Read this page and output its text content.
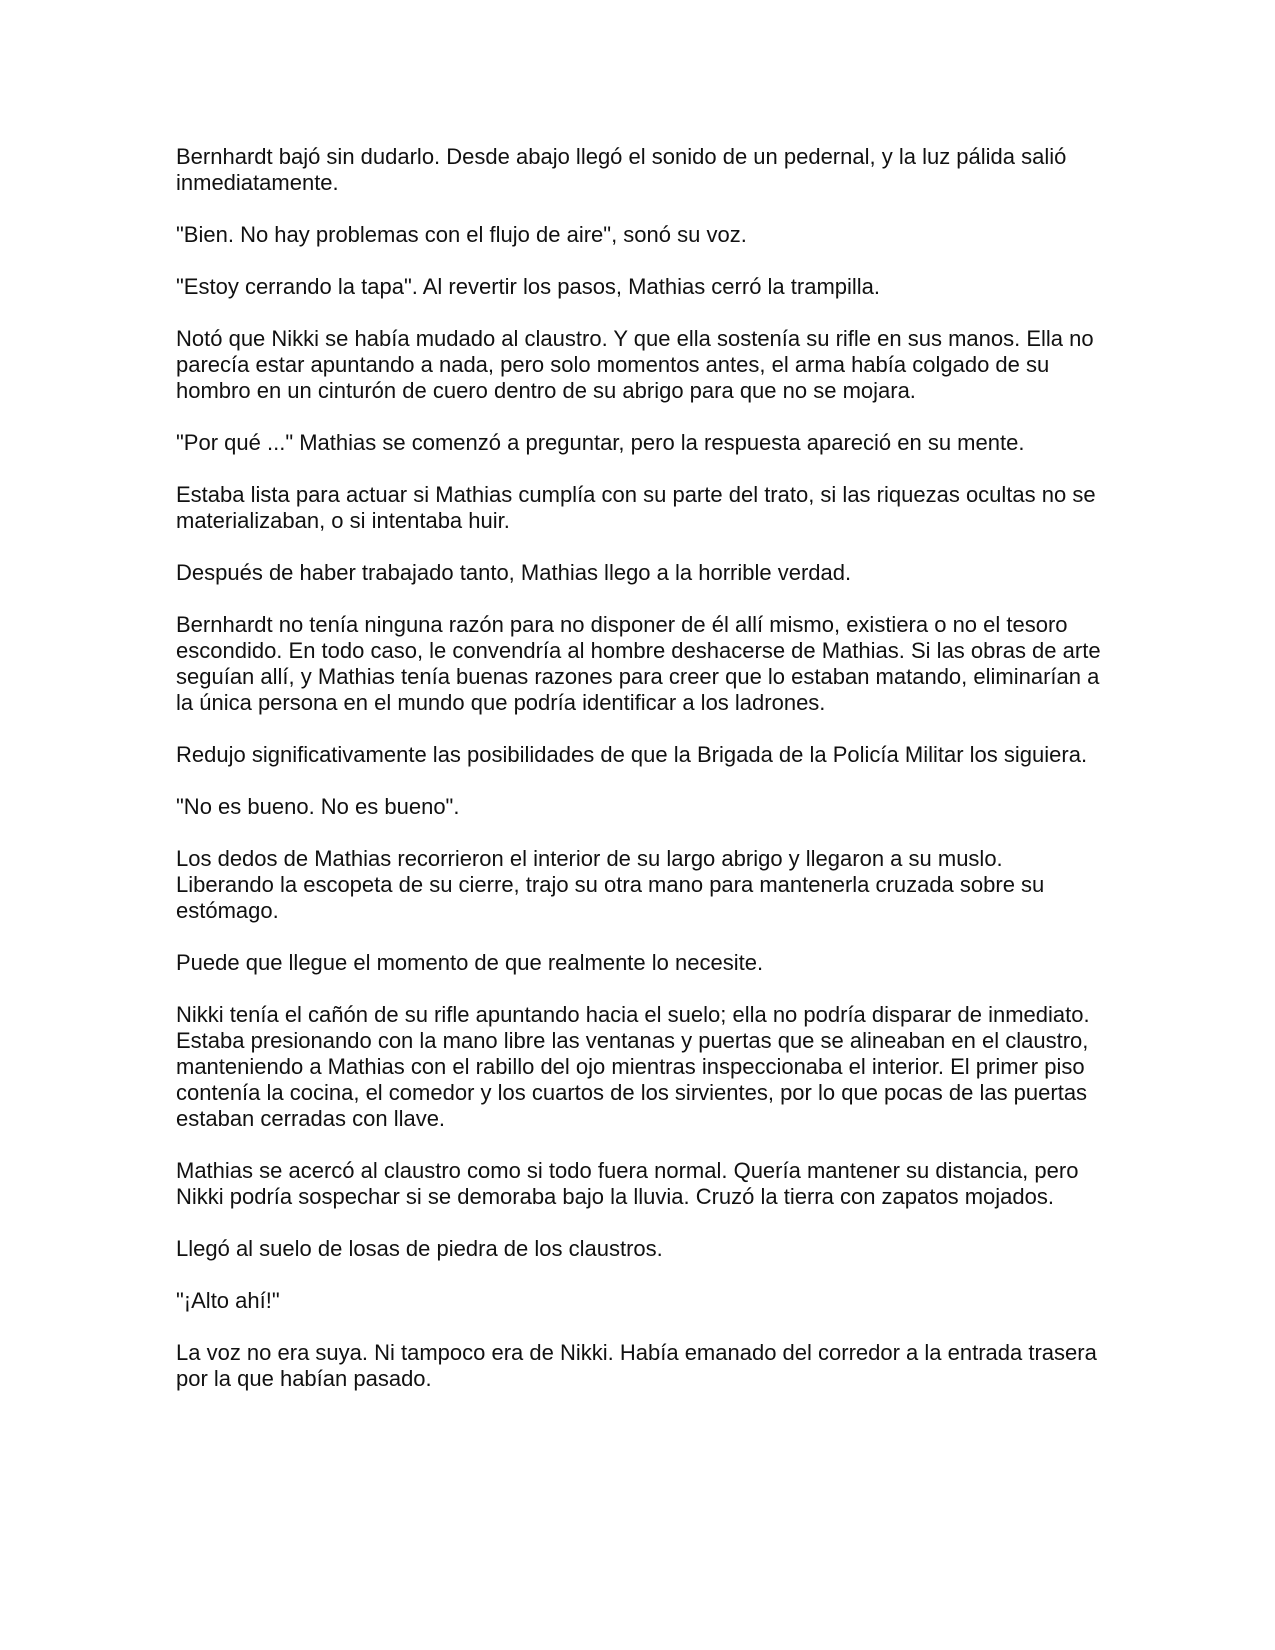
Bernhardt bajó sin dudarlo. Desde abajo llegó el sonido de un pedernal, y la luz pálida salió inmediatamente.

"Bien. No hay problemas con el flujo de aire", sonó su voz.

"Estoy cerrando la tapa". Al revertir los pasos, Mathias cerró la trampilla.

Notó que Nikki se había mudado al claustro. Y que ella sostenía su rifle en sus manos. Ella no parecía estar apuntando a nada, pero solo momentos antes, el arma había colgado de su hombro en un cinturón de cuero dentro de su abrigo para que no se mojara.

"Por qué ..." Mathias se comenzó a preguntar, pero la respuesta apareció en su mente.

Estaba lista para actuar si Mathias cumplía con su parte del trato, si las riquezas ocultas no se materializaban, o si intentaba huir.

Después de haber trabajado tanto, Mathias llego a la horrible verdad.

Bernhardt no tenía ninguna razón para no disponer de él allí mismo, existiera o no el tesoro escondido. En todo caso, le convendría al hombre deshacerse de Mathias. Si las obras de arte seguían allí, y Mathias tenía buenas razones para creer que lo estaban matando, eliminarían a la única persona en el mundo que podría identificar a los ladrones.

Redujo significativamente las posibilidades de que la Brigada de la Policía Militar los siguiera.

"No es bueno. No es bueno".

Los dedos de Mathias recorrieron el interior de su largo abrigo y llegaron a su muslo. Liberando la escopeta de su cierre, trajo su otra mano para mantenerla cruzada sobre su estómago.

Puede que llegue el momento de que realmente lo necesite.

Nikki tenía el cañón de su rifle apuntando hacia el suelo; ella no podría disparar de inmediato. Estaba presionando con la mano libre las ventanas y puertas que se alineaban en el claustro, manteniendo a Mathias con el rabillo del ojo mientras inspeccionaba el interior. El primer piso contenía la cocina, el comedor y los cuartos de los sirvientes, por lo que pocas de las puertas estaban cerradas con llave.

Mathias se acercó al claustro como si todo fuera normal. Quería mantener su distancia, pero Nikki podría sospechar si se demoraba bajo la lluvia. Cruzó la tierra con zapatos mojados.

Llegó al suelo de losas de piedra de los claustros.

"¡Alto ahí!"

La voz no era suya. Ni tampoco era de Nikki. Había emanado del corredor a la entrada trasera por la que habían pasado.
